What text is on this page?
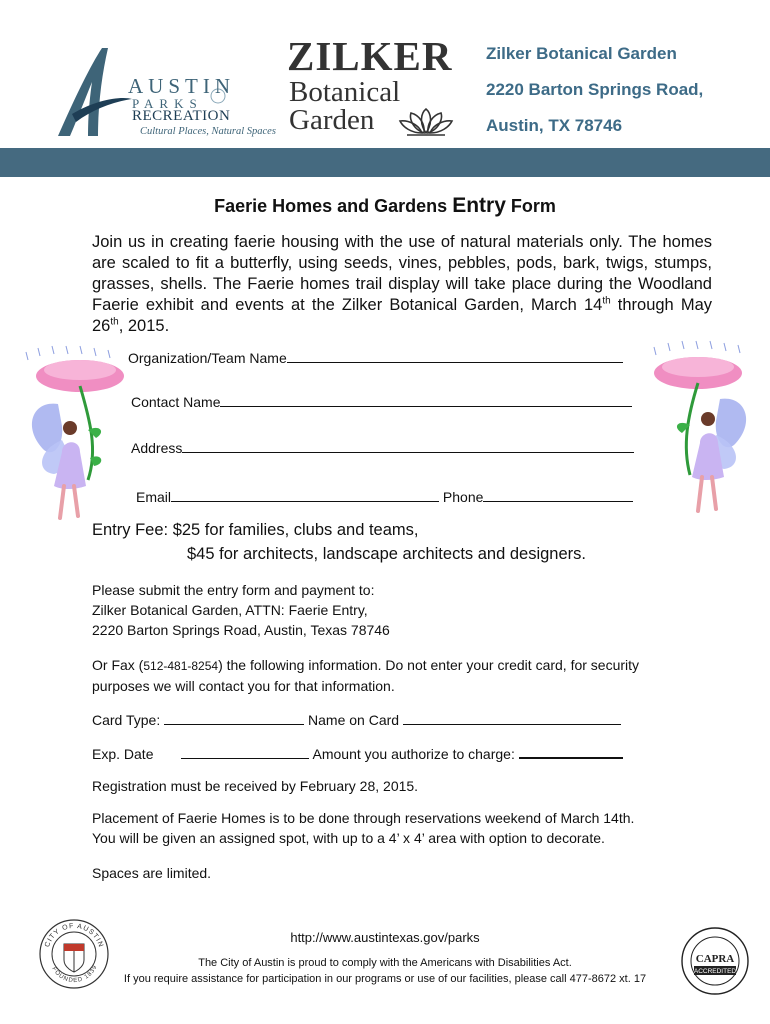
AUSTIN
PARKS
RECREATION
Cultural Places, Natural Spaces
ZILKER
Botanical
Garden
Zilker Botanical Garden
2220 Barton Springs Road,
Austin, TX 78746
Faerie Homes and Gardens Entry Form
Join us in creating faerie housing with the use of natural materials only. The homes are scaled to fit a butterfly, using seeds, vines, pebbles, pods, bark, twigs, stumps, grasses, shells. The Faerie homes trail display will take place during the Woodland Faerie exhibit and events at the Zilker Botanical Garden, March 14th through May 26th, 2015.
Organization/Team Name
Contact Name
Address
Email	Phone
Entry Fee: $25 for families, clubs and teams,
$45 for architects, landscape architects and designers.
Please submit the entry form and payment to:
Zilker Botanical Garden, ATTN: Faerie Entry,
2220 Barton Springs Road, Austin, Texas 78746
Or Fax (512-481-8254) the following information. Do not enter your credit card, for security
purposes we will contact you for that information.
Card Type:	Name on Card
Exp. Date	Amount you authorize to charge:
Registration must be received by February 28, 2015.
Placement of Faerie Homes is to be done through reservations weekend of March 14th.
You will be given an assigned spot, with up to a 4’ x 4’ area with option to decorate.
Spaces are limited.
CITY OF AUSTIN
FOUNDED 1839
http://www.austintexas.gov/parks
The City of Austin is proud to comply with the Americans with Disabilities Act.
If you require assistance for participation in our programs or use of our facilities, please call 477-8672 xt. 17
CAPRA
ACCREDITED
